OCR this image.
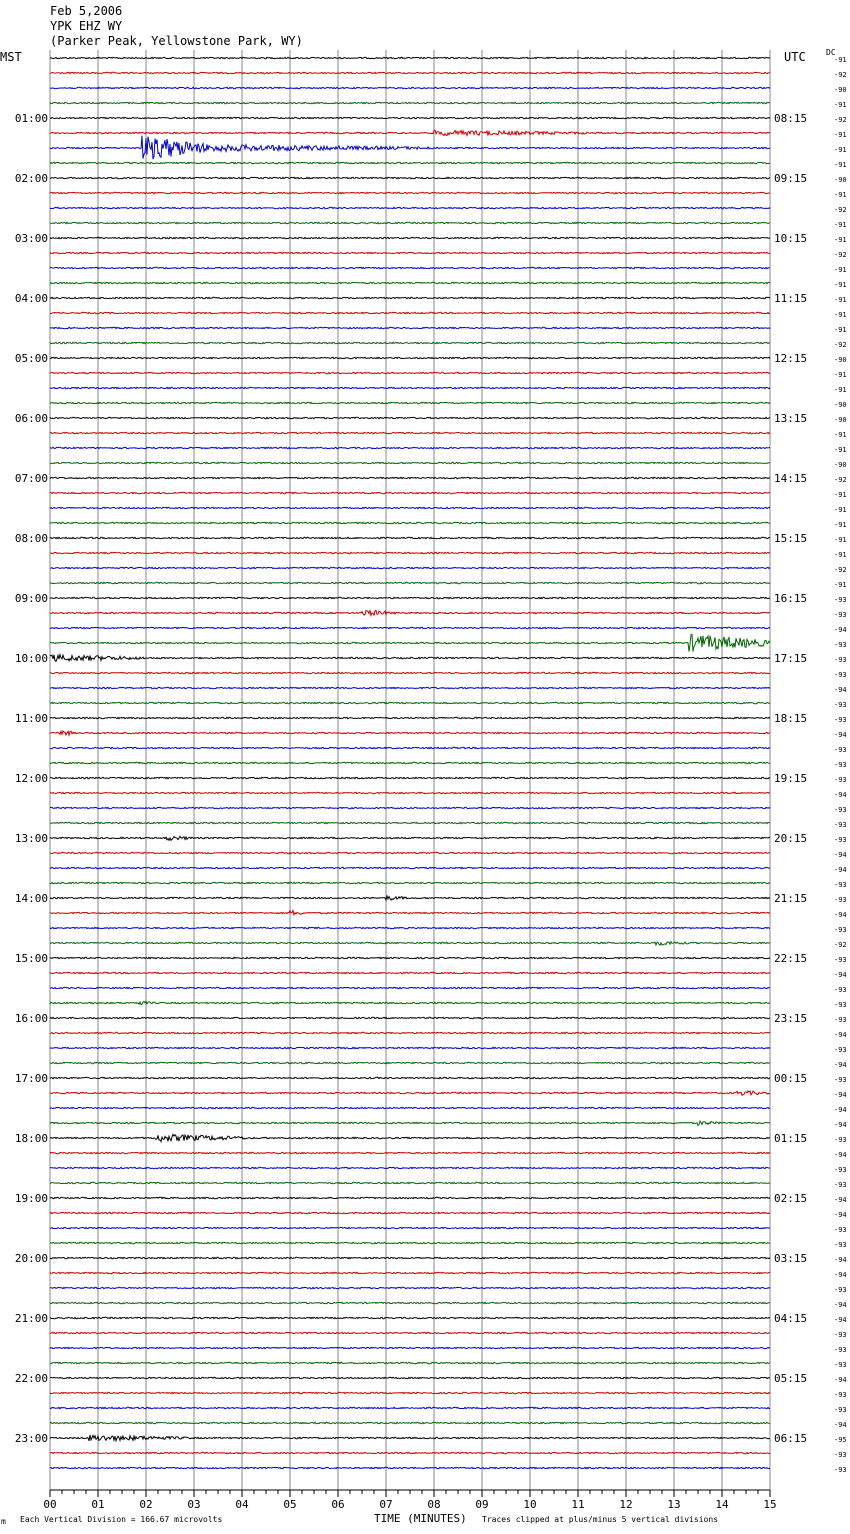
Feb 5,2006
YPK EHZ WY
(Parker Peak, Yellowstone Park, WY)
MST	UTC	DC
00	01	02	03	04	05	06	07	08	09	10	11	12	13	14	15
-91
-92
-90
-91
-92
-91
-91
-91
-90
-91
-92
-91
-91
-92
-91
-91
-91
-91
-91
-92
-90
-91
-91
-90
-90
-91
-91
-90
-92
-91
-91
-91
-91
-91
-92
-91
-93
-93
-94
-93
-93
-93
-94
-93
-93
-94
-93
-93
-93
-94
-93
-93
-93
-94
-94
-93
-93
-94
-93
-92
-93
-94
-93
-93
-93
-94
-93
-94
-93
-94
-94
-94
-93
-94
-93
-93
-94
-94
-93
-93
-94
-94
-93
-94
-94
-93
-93
-93
-94
-93
-93
-94
-95
-93
-93
01:00
02:00
03:00
04:00
05:00
06:00
07:00
08:00
09:00
10:00
11:00
12:00
13:00
14:00
15:00
16:00
17:00
18:00
19:00
20:00
21:00
22:00
23:00
08:15
09:15
10:15
11:15
12:15
13:15
14:15
15:15
16:15
17:15
18:15
19:15
20:15
21:15
22:15
23:15
00:15
01:15
02:15
03:15
04:15
05:15
06:15
m Each Vertical Division = 166.67 microvolts	TIME (MINUTES) Traces clipped at plus/minus 5 vertical divisions
